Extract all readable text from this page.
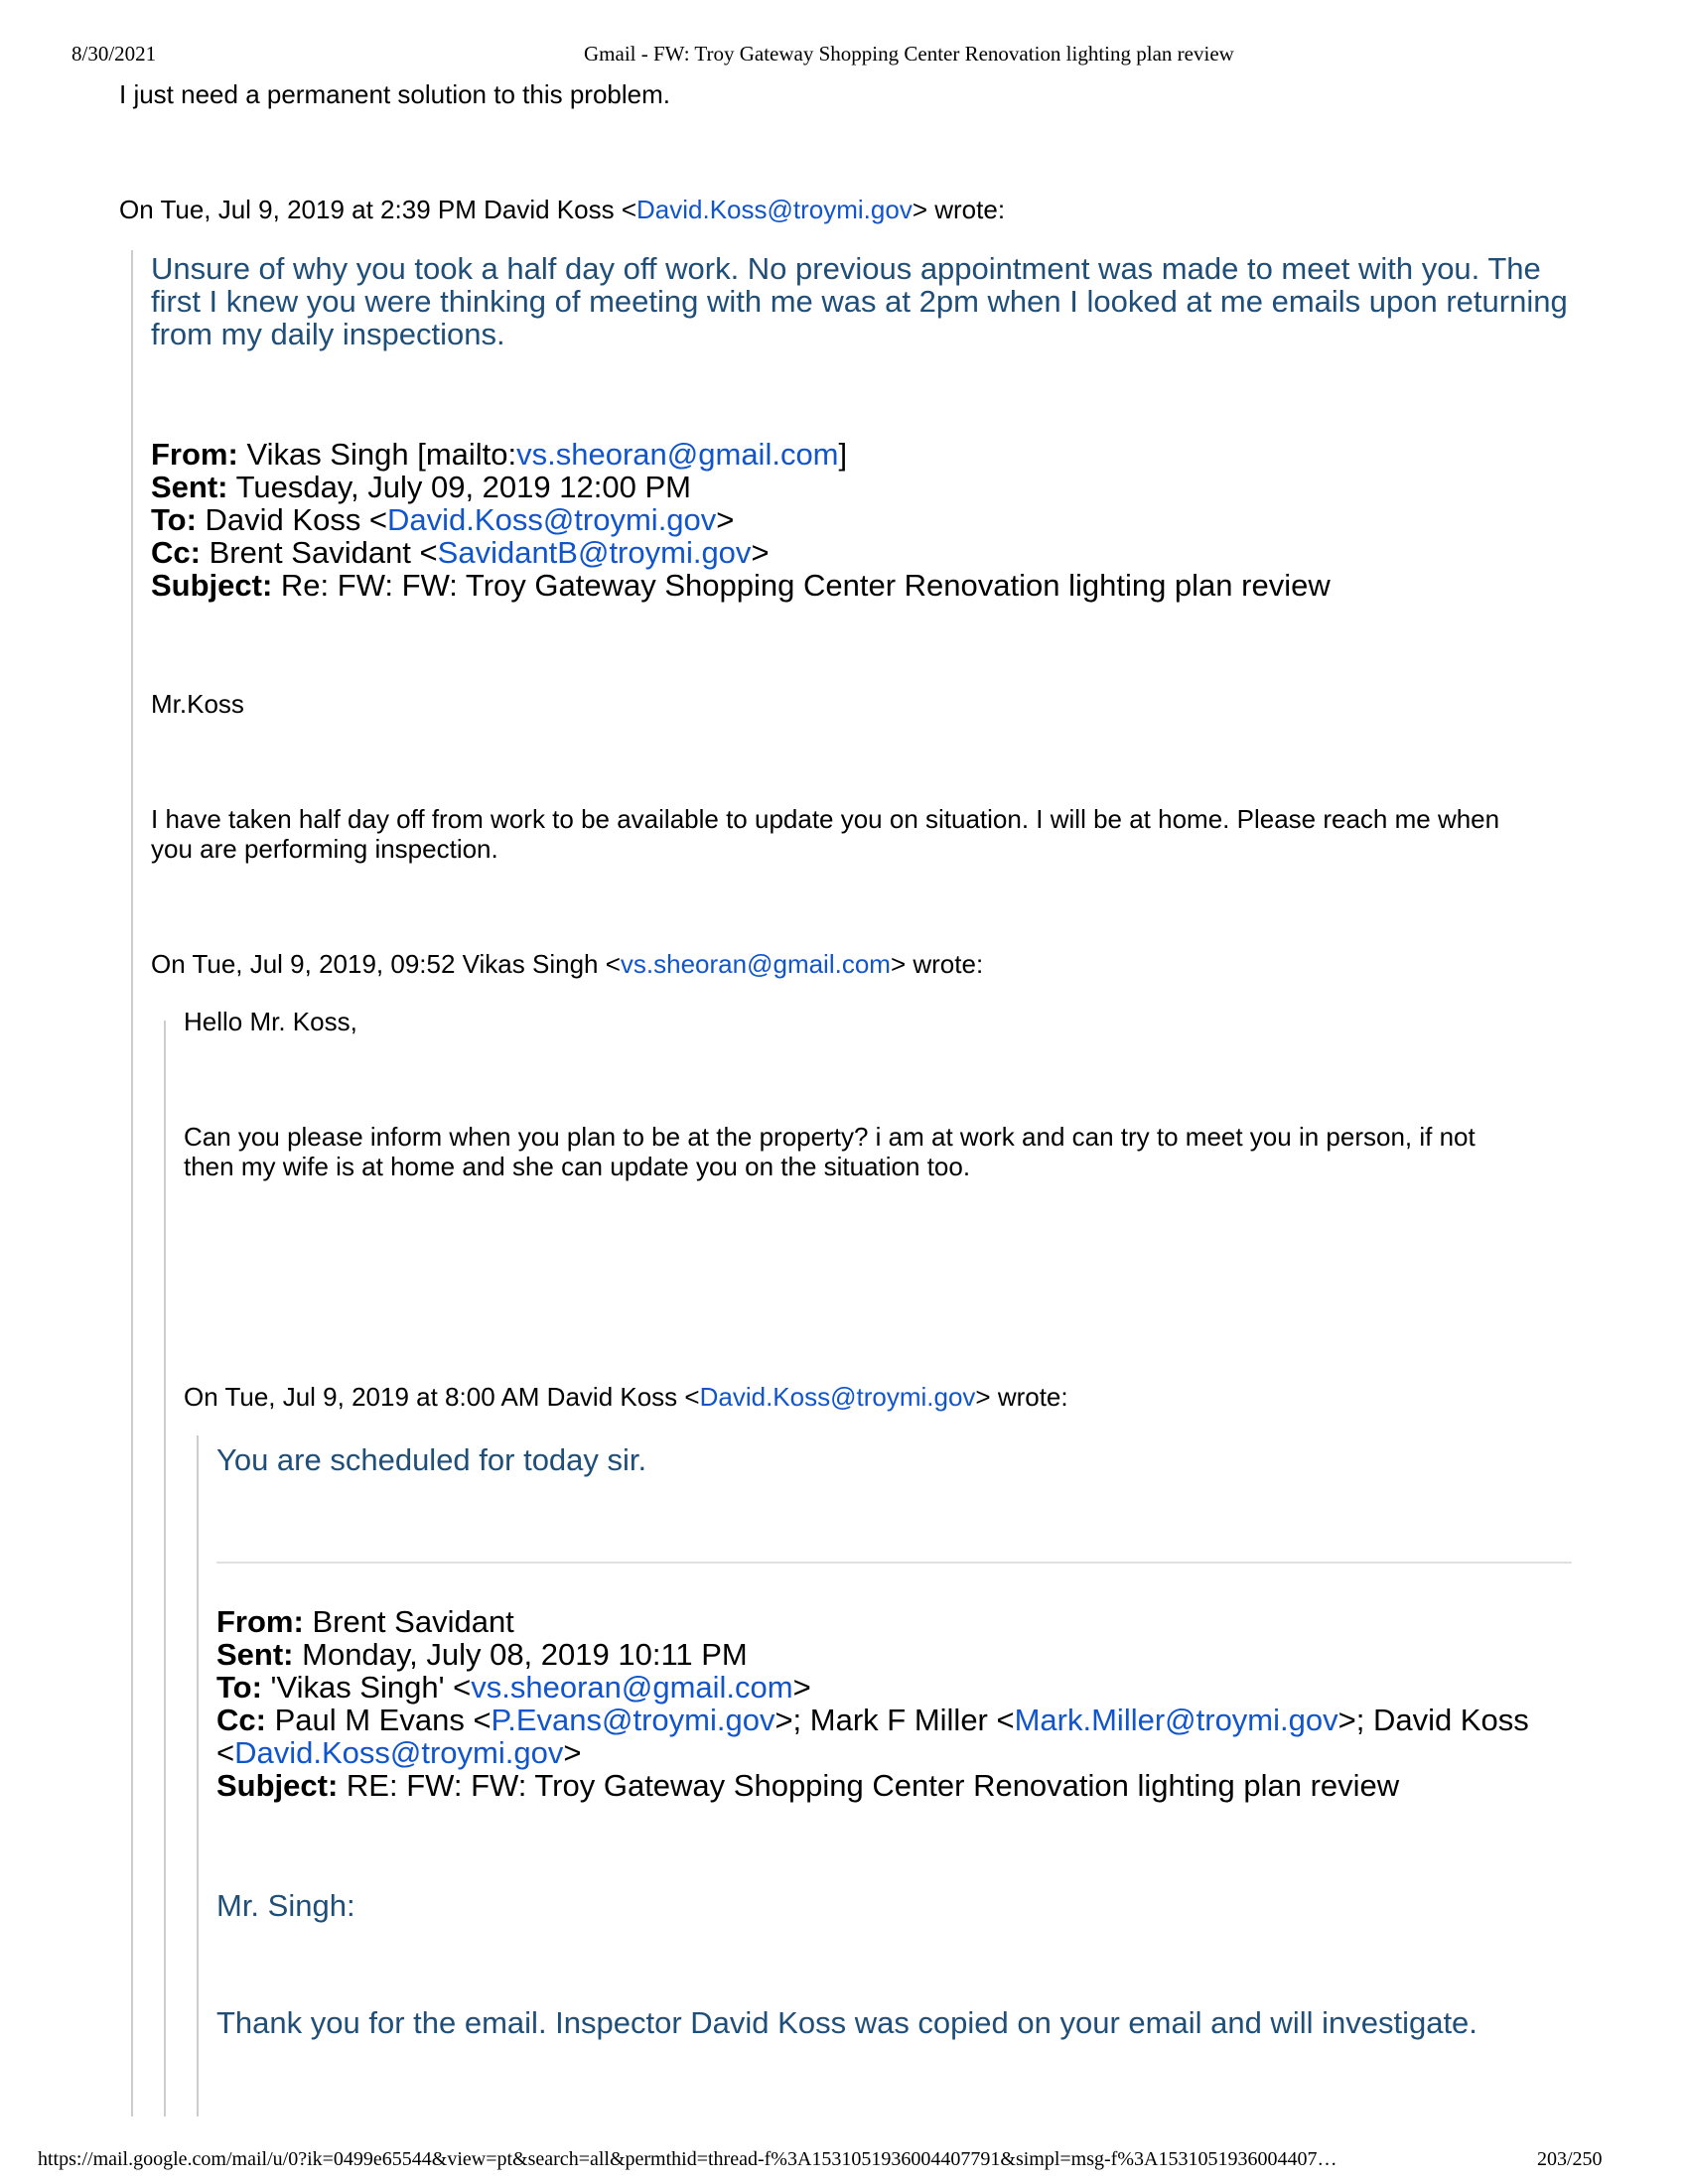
8/30/2021	Gmail - FW: Troy Gateway Shopping Center Renovation lighting plan review
I just need a permanent solution to this problem.
On Tue, Jul 9, 2019 at 2:39 PM David Koss <David.Koss@troymi.gov> wrote:
Unsure of why you took a half day off work. No previous appointment was made to meet with you. The
first I knew you were thinking of meeting with me was at 2pm when I looked at me emails upon returning
from my daily inspections.
From: Vikas Singh [mailto:vs.sheoran@gmail.com]
Sent: Tuesday, July 09, 2019 12:00 PM
To: David Koss <David.Koss@troymi.gov>
Cc: Brent Savidant <SavidantB@troymi.gov>
Subject: Re: FW: FW: Troy Gateway Shopping Center Renovation lighting plan review
Mr.Koss
I have taken half day off from work to be available to update you on situation. I will be at home. Please reach me when
you are performing inspection.
On Tue, Jul 9, 2019, 09:52 Vikas Singh <vs.sheoran@gmail.com> wrote:
Hello Mr. Koss,
Can you please inform when you plan to be at the property? i am at work and can try to meet you in person, if not
then my wife is at home and she can update you on the situation too.
On Tue, Jul 9, 2019 at 8:00 AM David Koss <David.Koss@troymi.gov> wrote:
You are scheduled for today sir.
From: Brent Savidant
Sent: Monday, July 08, 2019 10:11 PM
To: 'Vikas Singh' <vs.sheoran@gmail.com>
Cc: Paul M Evans <P.Evans@troymi.gov>; Mark F Miller <Mark.Miller@troymi.gov>; David Koss
<David.Koss@troymi.gov>
Subject: RE: FW: FW: Troy Gateway Shopping Center Renovation lighting plan review
Mr. Singh:
Thank you for the email. Inspector David Koss was copied on your email and will investigate.
https://mail.google.com/mail/u/0?ik=0499e65544&view=pt&search=all&permthid=thread-f%3A1531051936004407791&simpl=msg-f%3A1531051936004407…	203/250
